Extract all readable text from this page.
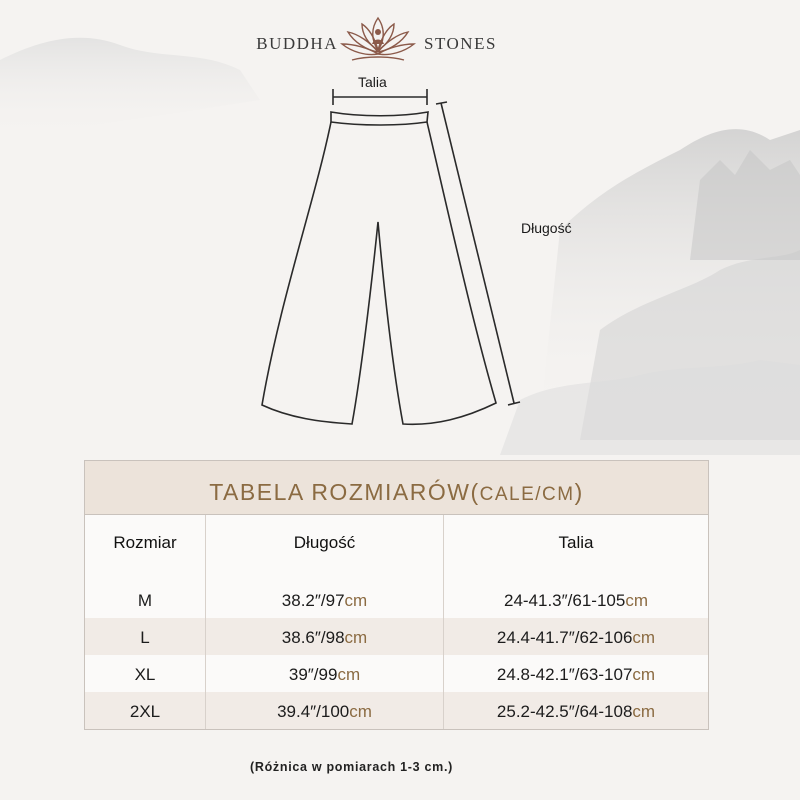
BUDDHA	STONES
Talia
Długość
TABELA ROZMIARÓW(CALE/CM)
Rozmiar	Długość	Talia
M	38.2″/97cm	24-41.3″/61-105cm
L	38.6″/98cm	24.4-41.7″/62-106cm
XL	39″/99cm	24.8-42.1″/63-107cm
2XL	39.4″/100cm	25.2-42.5″/64-108cm
(Różnica w pomiarach 1-3 cm.)
